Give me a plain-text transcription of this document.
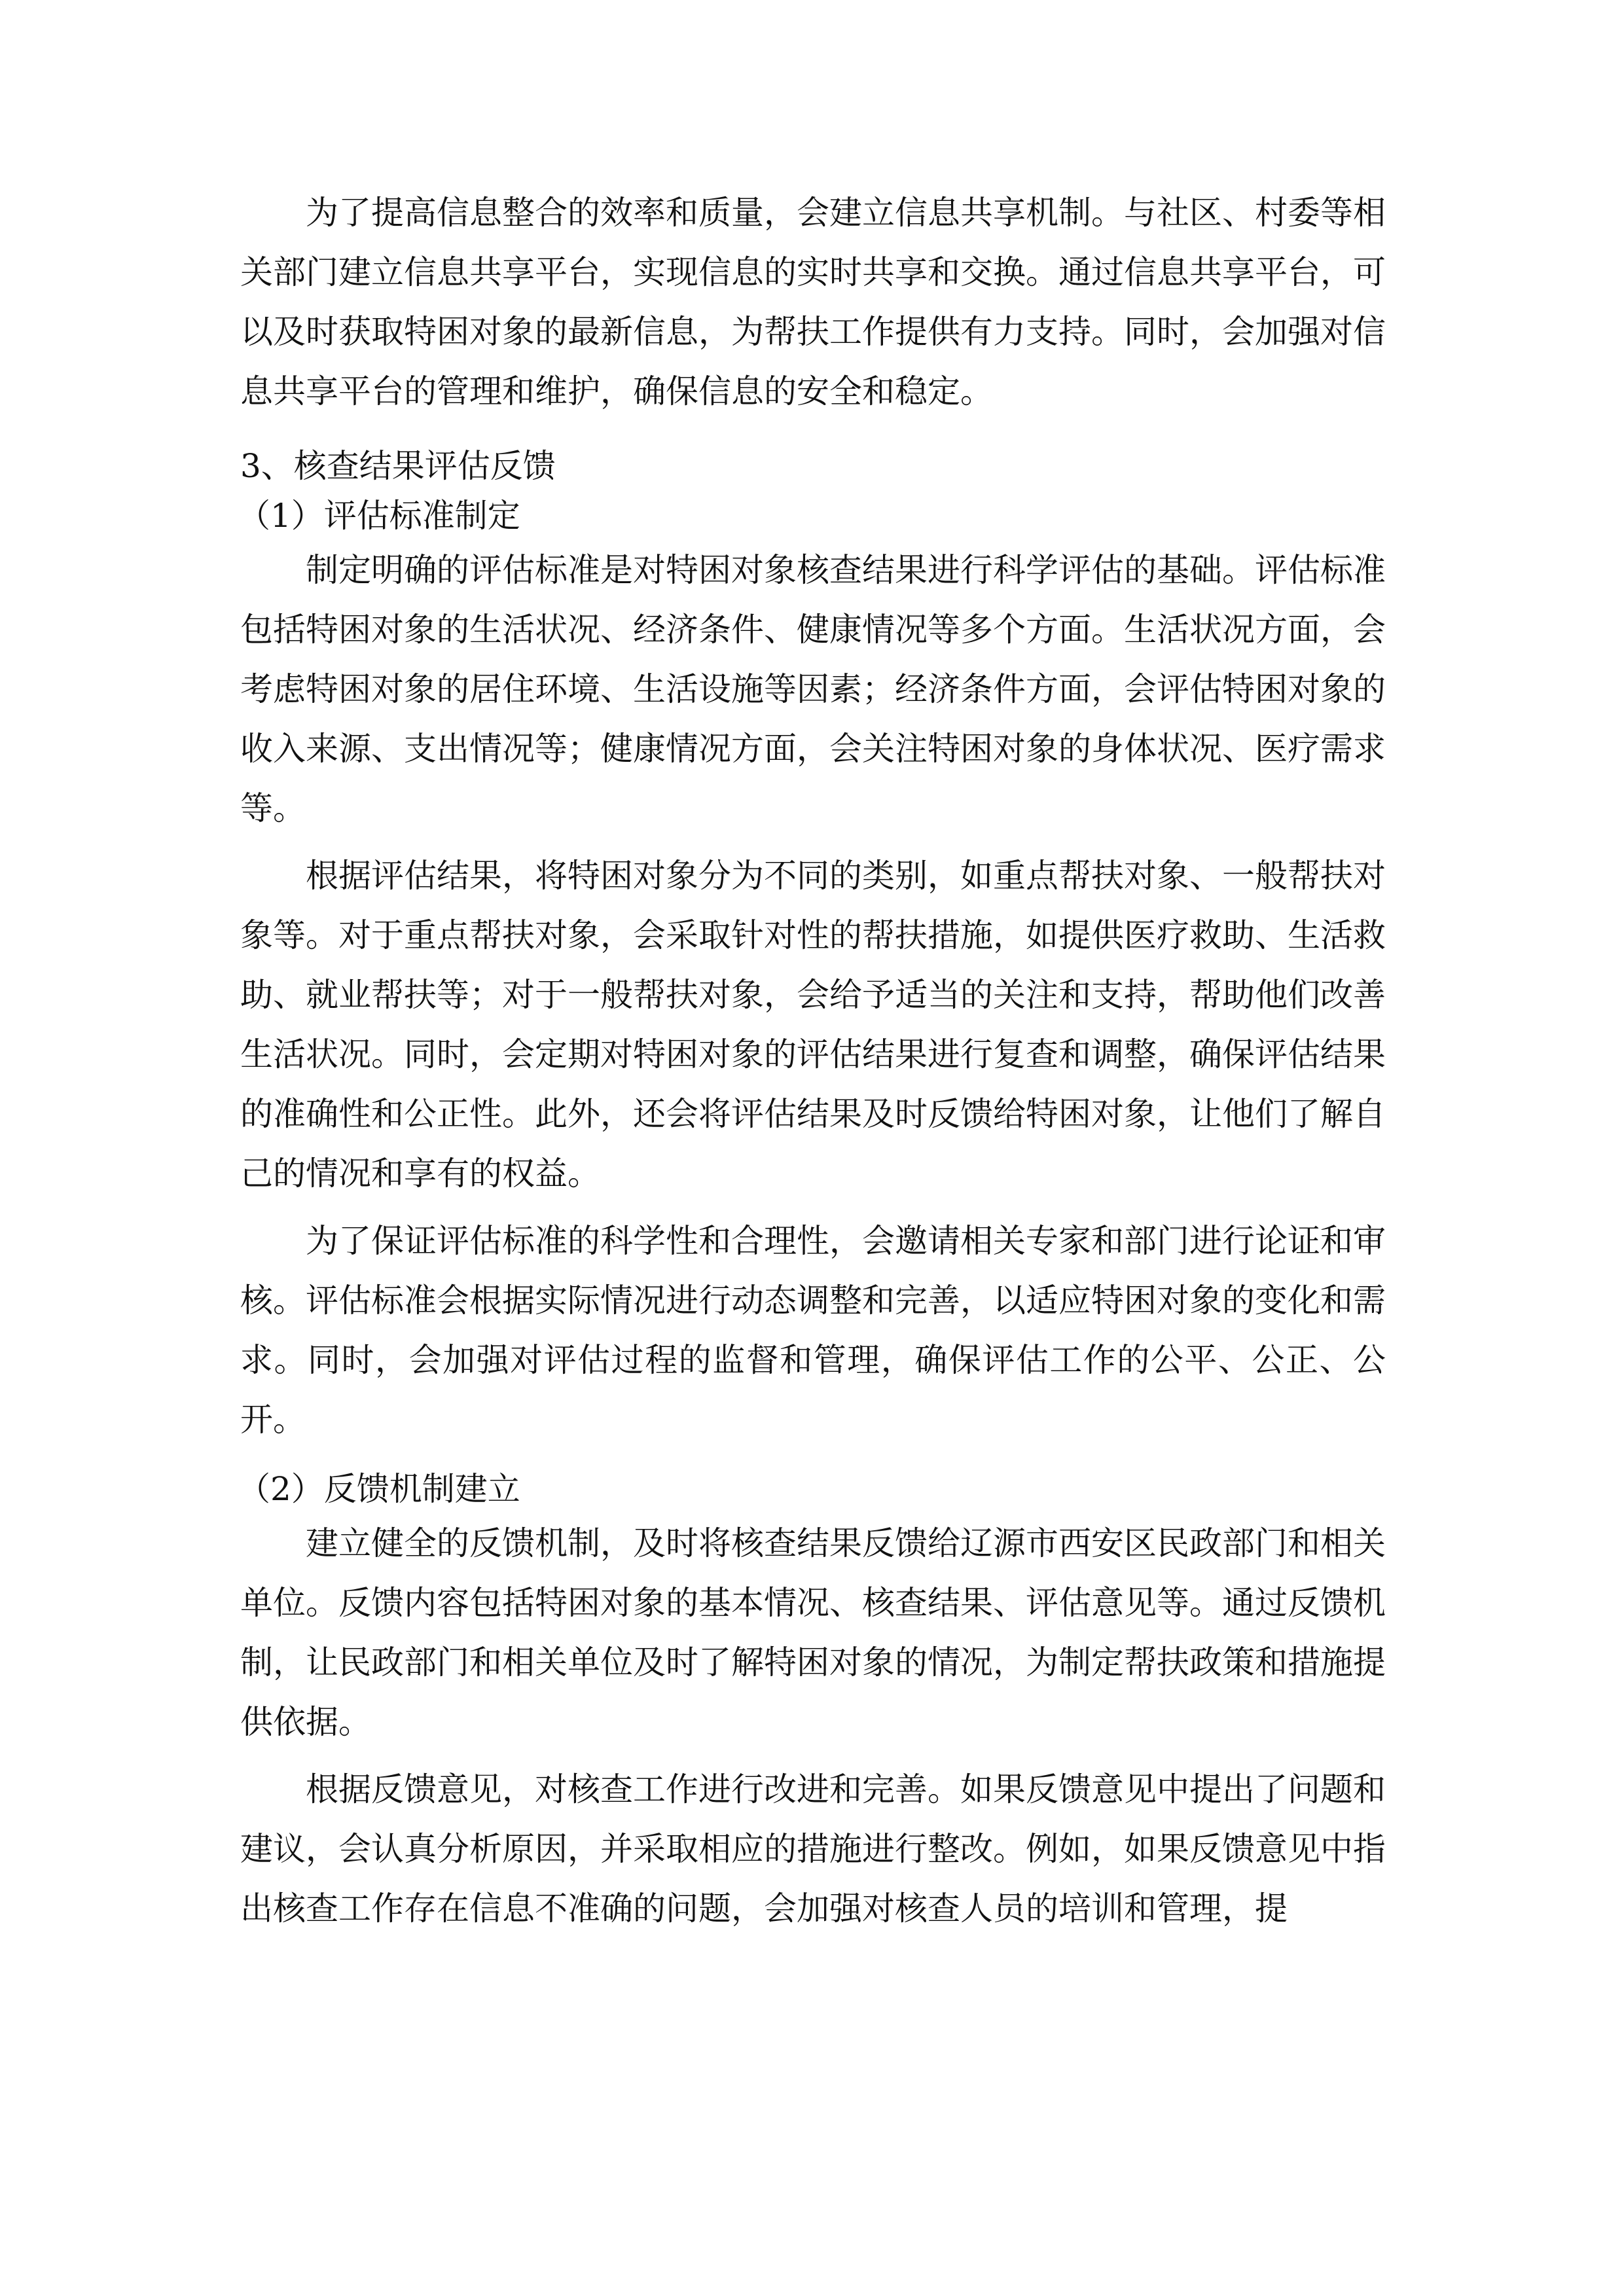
为了提高信息整合的效率和质量，会建立信息共享机制。与社区、村委等相关部门建立信息共享平台，实现信息的实时共享和交换。通过信息共享平台，可以及时获取特困对象的最新信息，为帮扶工作提供有力支持。同时，会加强对信息共享平台的管理和维护，确保信息的安全和稳定。

3、核查结果评估反馈

（1）评估标准制定

制定明确的评估标准是对特困对象核查结果进行科学评估的基础。评估标准包括特困对象的生活状况、经济条件、健康情况等多个方面。生活状况方面，会考虑特困对象的居住环境、生活设施等因素；经济条件方面，会评估特困对象的收入来源、支出情况等；健康情况方面，会关注特困对象的身体状况、医疗需求等。

根据评估结果，将特困对象分为不同的类别，如重点帮扶对象、一般帮扶对象等。对于重点帮扶对象，会采取针对性的帮扶措施，如提供医疗救助、生活救助、就业帮扶等；对于一般帮扶对象，会给予适当的关注和支持，帮助他们改善生活状况。同时，会定期对特困对象的评估结果进行复查和调整，确保评估结果的准确性和公正性。此外，还会将评估结果及时反馈给特困对象，让他们了解自己的情况和享有的权益。

为了保证评估标准的科学性和合理性，会邀请相关专家和部门进行论证和审核。评估标准会根据实际情况进行动态调整和完善，以适应特困对象的变化和需求。同时，会加强对评估过程的监督和管理，确保评估工作的公平、公正、公开。

（2）反馈机制建立

建立健全的反馈机制，及时将核查结果反馈给辽源市西安区民政部门和相关单位。反馈内容包括特困对象的基本情况、核查结果、评估意见等。通过反馈机制，让民政部门和相关单位及时了解特困对象的情况，为制定帮扶政策和措施提供依据。

根据反馈意见，对核查工作进行改进和完善。如果反馈意见中提出了问题和建议，会认真分析原因，并采取相应的措施进行整改。例如，如果反馈意见中指出核查工作存在信息不准确的问题，会加强对核查人员的培训和管理，提
